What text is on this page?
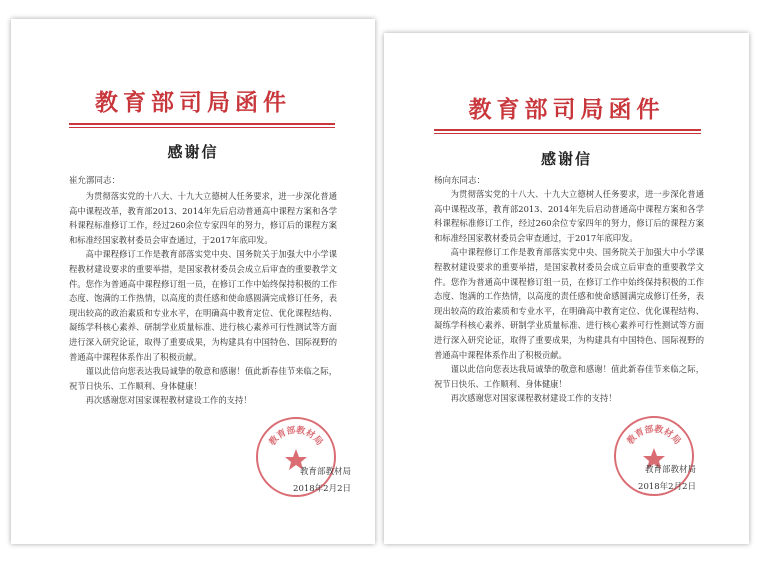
教育部司局函件
感谢信
崔允漷同志：

为贯彻落实党的十八大、十九大立德树人任务要求，进一步深化普通高中课程改革，教育部2013、2014年先后启动普通高中课程方案和各学科课程标准修订工作，经过260余位专家四年的努力，修订后的课程方案和标准经国家教材委员会审查通过，于2017年底印发。

高中课程修订工作是教育部落实党中央、国务院关于加强大中小学课程教材建设要求的重要举措，是国家教材委员会成立后审查的重要教学文件。您作为普通高中课程修订组一员，在修订工作中始终保持积极的工作态度、饱满的工作热情，以高度的责任感和使命感圆满完成修订任务，表现出较高的政治素质和专业水平，在明确高中教育定位、优化课程结构、凝练学科核心素养、研制学业质量标准、进行核心素养可行性测试等方面进行深入研究论证，取得了重要成果，为构建具有中国特色、国际视野的普通高中课程体系作出了积极贡献。

谨以此信向您表达我局诚挚的敬意和感谢！值此新春佳节来临之际，祝节日快乐、工作顺利、身体健康！

再次感谢您对国家课程教材建设工作的支持！

教育部教材局
教育部教材局
2018年2月2日
教育部司局函件
感谢信
杨向东同志：

为贯彻落实党的十八大、十九大立德树人任务要求，进一步深化普通高中课程改革，教育部2013、2014年先后启动普通高中课程方案和各学科课程标准修订工作，经过260余位专家四年的努力，修订后的课程方案和标准经国家教材委员会审查通过，于2017年底印发。

高中课程修订工作是教育部落实党中央、国务院关于加强大中小学课程教材建设要求的重要举措，是国家教材委员会成立后审查的重要教学文件。您作为普通高中课程修订组一员，在修订工作中始终保持积极的工作态度、饱满的工作热情，以高度的责任感和使命感圆满完成修订任务，表现出较高的政治素质和专业水平，在明确高中教育定位、优化课程结构、凝练学科核心素养、研制学业质量标准、进行核心素养可行性测试等方面进行深入研究论证，取得了重要成果，为构建具有中国特色、国际视野的普通高中课程体系作出了积极贡献。

谨以此信向您表达我局诚挚的敬意和感谢！值此新春佳节来临之际，祝节日快乐、工作顺利、身体健康！

再次感谢您对国家课程教材建设工作的支持！

教育部教材局
教育部教材局
2018年2月2日
